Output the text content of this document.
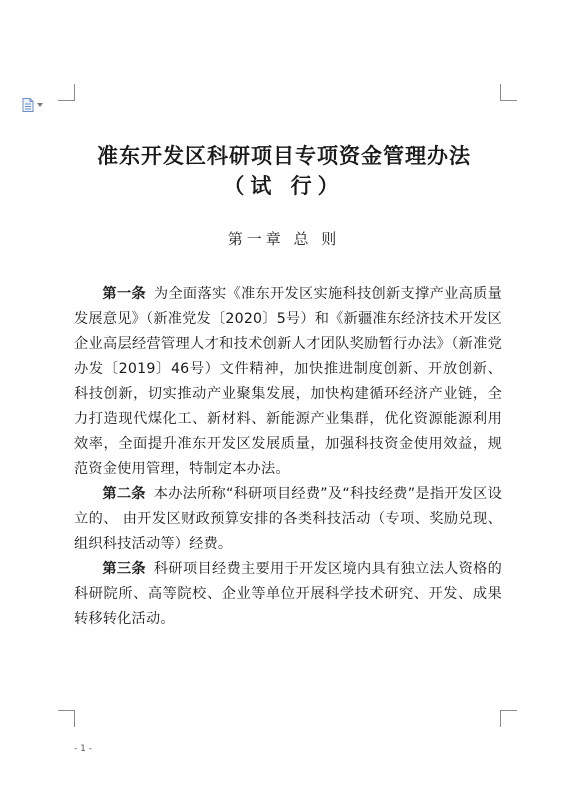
准东开发区科研项目专项资金管理办法
（试 行）
第一章 总 则

第一条 为全面落实《准东开发区实施科技创新支撑产业高质量发展意见》（新准党发〔2020〕5号）和《新疆准东经济技术开发区企业高层经营管理人才和技术创新人才团队奖励暂行办法》（新准党办发〔2019〕46号）文件精神，加快推进制度创新、开放创新、科技创新，切实推动产业聚集发展，加快构建循环经济产业链，全力打造现代煤化工、新材料、新能源产业集群，优化资源能源利用效率，全面提升准东开发区发展质量，加强科技资金使用效益，规范资金使用管理，特制定本办法。

第二条 本办法所称“科研项目经费”及“科技经费”是指开发区设立的、 由开发区财政预算安排的各类科技活动（专项、奖励兑现、组织科技活动等）经费。

第三条 科研项目经费主要用于开发区境内具有独立法人资格的科研院所、高等院校、企业等单位开展科学技术研究、开发、成果转移转化活动。

- 1 -
